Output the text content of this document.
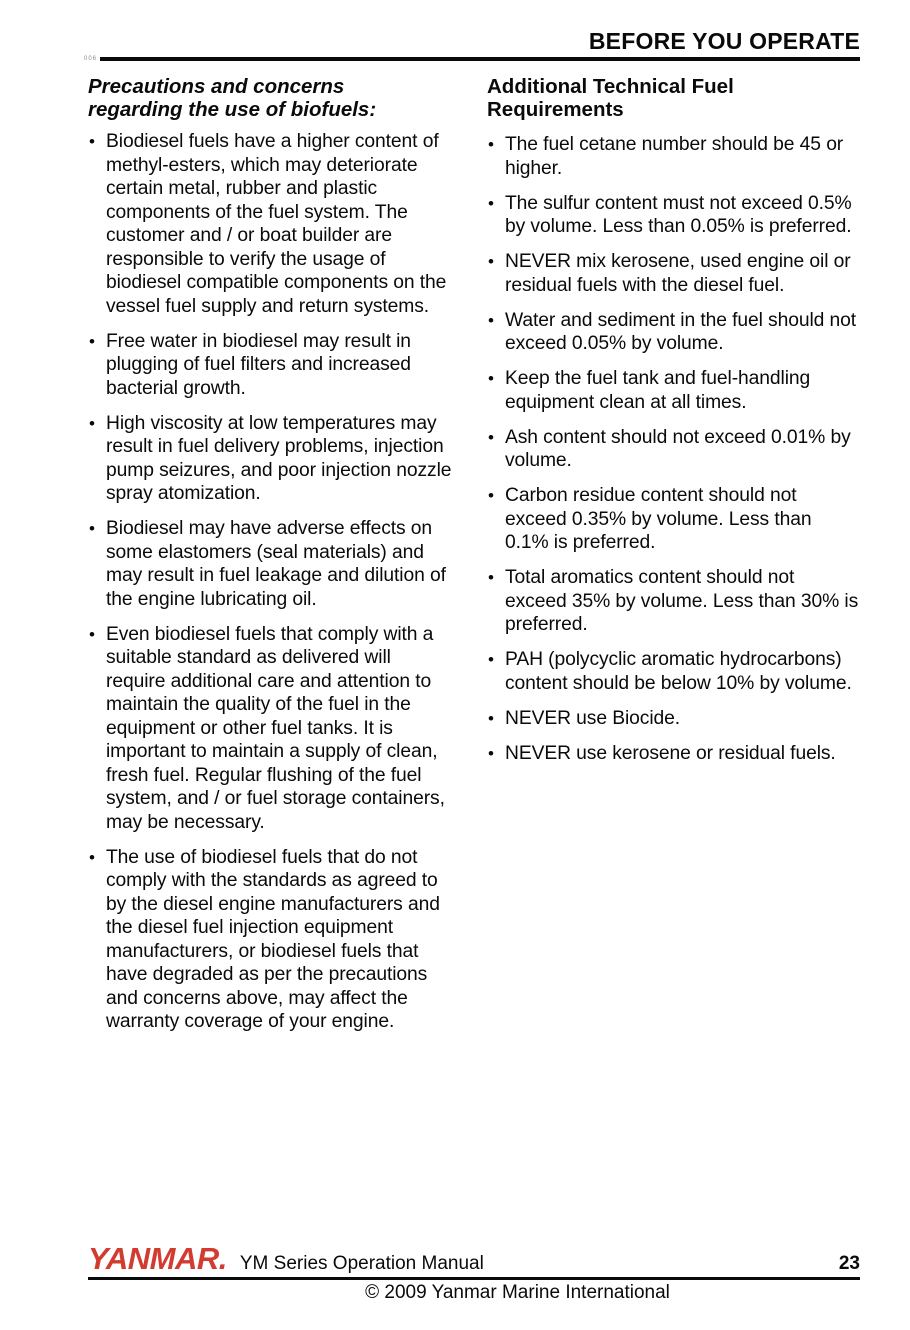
BEFORE YOU OPERATE
006
Precautions and concerns regarding the use of biofuels:
• Biodiesel fuels have a higher content of methyl-esters, which may deteriorate certain metal, rubber and plastic components of the fuel system. The customer and / or boat builder are responsible to verify the usage of biodiesel compatible components on the vessel fuel supply and return systems.
• Free water in biodiesel may result in plugging of fuel filters and increased bacterial growth.
• High viscosity at low temperatures may result in fuel delivery problems, injection pump seizures, and poor injection nozzle spray atomization.
• Biodiesel may have adverse effects on some elastomers (seal materials) and may result in fuel leakage and dilution of the engine lubricating oil.
• Even biodiesel fuels that comply with a suitable standard as delivered will require additional care and attention to maintain the quality of the fuel in the equipment or other fuel tanks. It is important to maintain a supply of clean, fresh fuel. Regular flushing of the fuel system, and / or fuel storage containers, may be necessary.
• The use of biodiesel fuels that do not comply with the standards as agreed to by the diesel engine manufacturers and the diesel fuel injection equipment manufacturers, or biodiesel fuels that have degraded as per the precautions and concerns above, may affect the warranty coverage of your engine.
Additional Technical Fuel Requirements
• The fuel cetane number should be 45 or higher.
• The sulfur content must not exceed 0.5% by volume. Less than 0.05% is preferred.
• NEVER mix kerosene, used engine oil or residual fuels with the diesel fuel.
• Water and sediment in the fuel should not exceed 0.05% by volume.
• Keep the fuel tank and fuel-handling equipment clean at all times.
• Ash content should not exceed 0.01% by volume.
• Carbon residue content should not exceed 0.35% by volume. Less than 0.1% is preferred.
• Total aromatics content should not exceed 35% by volume. Less than 30% is preferred.
• PAH (polycyclic aromatic hydrocarbons) content should be below 10% by volume.
• NEVER use Biocide.
• NEVER use kerosene or residual fuels.
YANMAR. YM Series Operation Manual	23
© 2009 Yanmar Marine International
